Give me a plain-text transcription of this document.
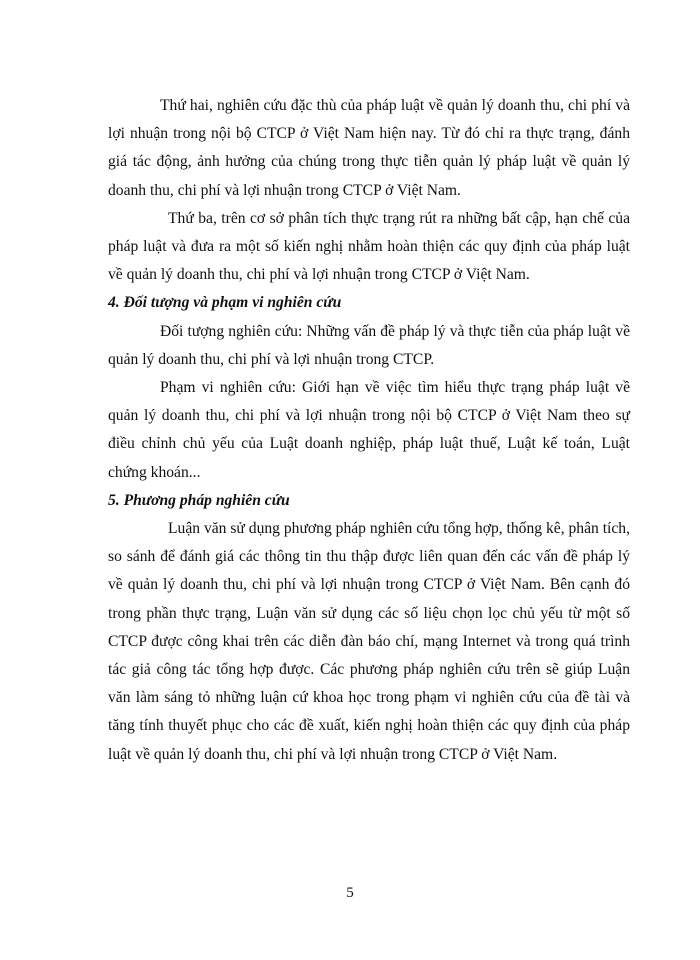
Thứ hai, nghiên cứu đặc thù của pháp luật về quản lý doanh thu, chi phí và lợi nhuận trong nội bộ CTCP ở Việt Nam hiện nay. Từ đó chỉ ra thực trạng, đánh giá tác động, ảnh hưởng của chúng trong thực tiễn quản lý pháp luật về quản lý doanh thu, chi phí và lợi nhuận trong CTCP ở Việt Nam.

Thứ ba, trên cơ sở phân tích thực trạng rút ra những bất cập, hạn chế của pháp luật và đưa ra một số kiến nghị nhằm hoàn thiện các quy định của pháp luật về quản lý doanh thu, chi phí và lợi nhuận trong CTCP ở Việt Nam.

4. Đối tượng và phạm vi nghiên cứu

Đối tượng nghiên cứu: Những vấn đề pháp lý và thực tiễn của pháp luật về quản lý doanh thu, chi phí và lợi nhuận trong CTCP.

Phạm vi nghiên cứu: Giới hạn về việc tìm hiểu thực trạng pháp luật về quản lý doanh thu, chi phí và lợi nhuận trong nội bộ CTCP ở Việt Nam theo sự điều chỉnh chủ yếu của Luật doanh nghiệp, pháp luật thuế, Luật kế toán, Luật chứng khoán...

5. Phương pháp nghiên cứu

Luận văn sử dụng phương pháp nghiên cứu tổng hợp, thống kê, phân tích, so sánh để đánh giá các thông tin thu thập được liên quan đến các vấn đề pháp lý về quản lý doanh thu, chi phí và lợi nhuận trong CTCP ở Việt Nam. Bên cạnh đó trong phần thực trạng, Luận văn sử dụng các số liệu chọn lọc chủ yếu từ một số CTCP được công khai trên các diễn đàn báo chí, mạng Internet và trong quá trình tác giả công tác tổng hợp được. Các phương pháp nghiên cứu trên sẽ giúp Luận văn làm sáng tỏ những luận cứ khoa học trong phạm vi nghiên cứu của đề tài và tăng tính thuyết phục cho các đề xuất, kiến nghị hoàn thiện các quy định của pháp luật về quản lý doanh thu, chi phí và lợi nhuận trong CTCP ở Việt Nam.

5
